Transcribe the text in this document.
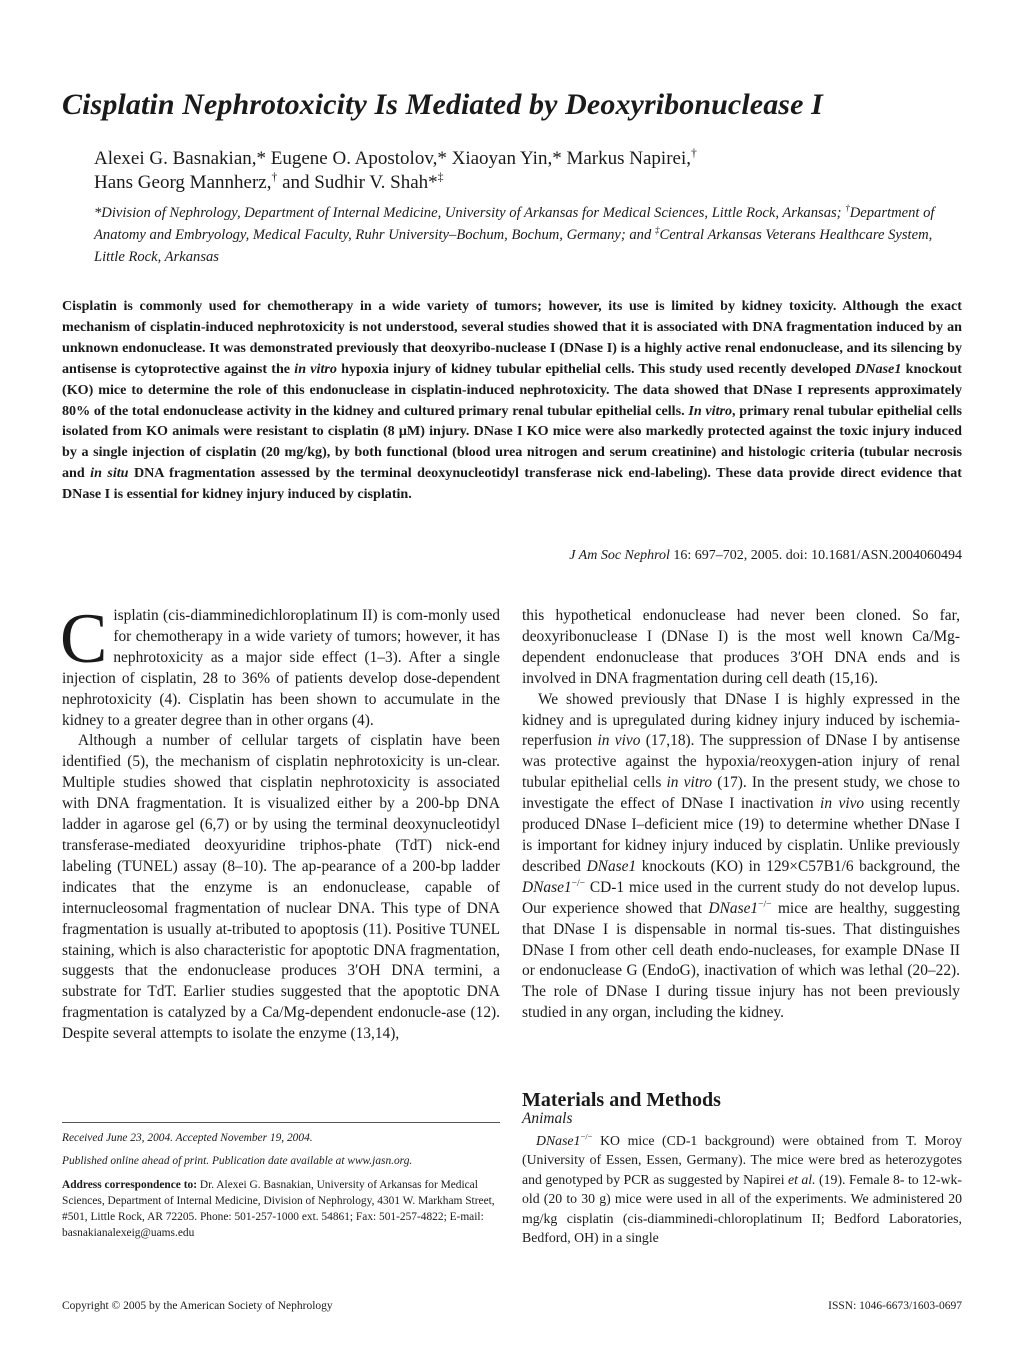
Cisplatin Nephrotoxicity Is Mediated by Deoxyribonuclease I
Alexei G. Basnakian,* Eugene O. Apostolov,* Xiaoyan Yin,* Markus Napirei,†
Hans Georg Mannherz,† and Sudhir V. Shah*‡
*Division of Nephrology, Department of Internal Medicine, University of Arkansas for Medical Sciences, Little Rock, Arkansas; †Department of Anatomy and Embryology, Medical Faculty, Ruhr University–Bochum, Bochum, Germany; and ‡Central Arkansas Veterans Healthcare System, Little Rock, Arkansas
Cisplatin is commonly used for chemotherapy in a wide variety of tumors; however, its use is limited by kidney toxicity. Although the exact mechanism of cisplatin-induced nephrotoxicity is not understood, several studies showed that it is associated with DNA fragmentation induced by an unknown endonuclease. It was demonstrated previously that deoxyribo-nuclease I (DNase I) is a highly active renal endonuclease, and its silencing by antisense is cytoprotective against the in vitro hypoxia injury of kidney tubular epithelial cells. This study used recently developed DNase1 knockout (KO) mice to determine the role of this endonuclease in cisplatin-induced nephrotoxicity. The data showed that DNase I represents approximately 80% of the total endonuclease activity in the kidney and cultured primary renal tubular epithelial cells. In vitro, primary renal tubular epithelial cells isolated from KO animals were resistant to cisplatin (8 μM) injury. DNase I KO mice were also markedly protected against the toxic injury induced by a single injection of cisplatin (20 mg/kg), by both functional (blood urea nitrogen and serum creatinine) and histologic criteria (tubular necrosis and in situ DNA fragmentation assessed by the terminal deoxynucleotidyl transferase nick end-labeling). These data provide direct evidence that DNase I is essential for kidney injury induced by cisplatin.
J Am Soc Nephrol 16: 697–702, 2005. doi: 10.1681/ASN.2004060494

Cisplatin (cis-diamminedichloroplatinum II) is com-monly used for chemotherapy in a wide variety of tumors; however, it has nephrotoxicity as a major side effect (1–3). After a single injection of cisplatin, 28 to 36% of patients develop dose-dependent nephrotoxicity (4). Cisplatin has been shown to accumulate in the kidney to a greater degree than in other organs (4).

Although a number of cellular targets of cisplatin have been identified (5), the mechanism of cisplatin nephrotoxicity is un-clear. Multiple studies showed that cisplatin nephrotoxicity is associated with DNA fragmentation. It is visualized either by a 200-bp DNA ladder in agarose gel (6,7) or by using the terminal deoxynucleotidyl transferase-mediated deoxyuridine triphos-phate (TdT) nick-end labeling (TUNEL) assay (8–10). The ap-pearance of a 200-bp ladder indicates that the enzyme is an endonuclease, capable of internucleosomal fragmentation of nuclear DNA. This type of DNA fragmentation is usually at-tributed to apoptosis (11). Positive TUNEL staining, which is also characteristic for apoptotic DNA fragmentation, suggests that the endonuclease produces 3′OH DNA termini, a substrate for TdT. Earlier studies suggested that the apoptotic DNA fragmentation is catalyzed by a Ca/Mg-dependent endonucle-ase (12). Despite several attempts to isolate the enzyme (13,14),

Received June 23, 2004. Accepted November 19, 2004.

Published online ahead of print. Publication date available at www.jasn.org.

Address correspondence to: Dr. Alexei G. Basnakian, University of Arkansas for Medical Sciences, Department of Internal Medicine, Division of Nephrology, 4301 W. Markham Street, #501, Little Rock, AR 72205. Phone: 501-257-1000 ext. 54861; Fax: 501-257-4822; E-mail: basnakianalexeig@uams.edu

this hypothetical endonuclease had never been cloned. So far, deoxyribonuclease I (DNase I) is the most well known Ca/Mg-dependent endonuclease that produces 3′OH DNA ends and is involved in DNA fragmentation during cell death (15,16).

We showed previously that DNase I is highly expressed in the kidney and is upregulated during kidney injury induced by ischemia-reperfusion in vivo (17,18). The suppression of DNase I by antisense was protective against the hypoxia/reoxygen-ation injury of renal tubular epithelial cells in vitro (17). In the present study, we chose to investigate the effect of DNase I inactivation in vivo using recently produced DNase I–deficient mice (19) to determine whether DNase I is important for kidney injury induced by cisplatin. Unlike previously described DNase1 knockouts (KO) in 129×C57B1/6 background, the DNase1−/− CD-1 mice used in the current study do not develop lupus. Our experience showed that DNase1−/− mice are healthy, suggesting that DNase I is dispensable in normal tis-sues. That distinguishes DNase I from other cell death endo-nucleases, for example DNase II or endonuclease G (EndoG), inactivation of which was lethal (20–22). The role of DNase I during tissue injury has not been previously studied in any organ, including the kidney.

Materials and Methods
Animals

DNase1−/− KO mice (CD-1 background) were obtained from T. Moroy (University of Essen, Essen, Germany). The mice were bred as heterozygotes and genotyped by PCR as suggested by Napirei et al. (19). Female 8- to 12-wk-old (20 to 30 g) mice were used in all of the experiments. We administered 20 mg/kg cisplatin (cis-diamminedi-chloroplatinum II; Bedford Laboratories, Bedford, OH) in a single

Copyright © 2005 by the American Society of Nephrology	ISSN: 1046-6673/1603-0697
